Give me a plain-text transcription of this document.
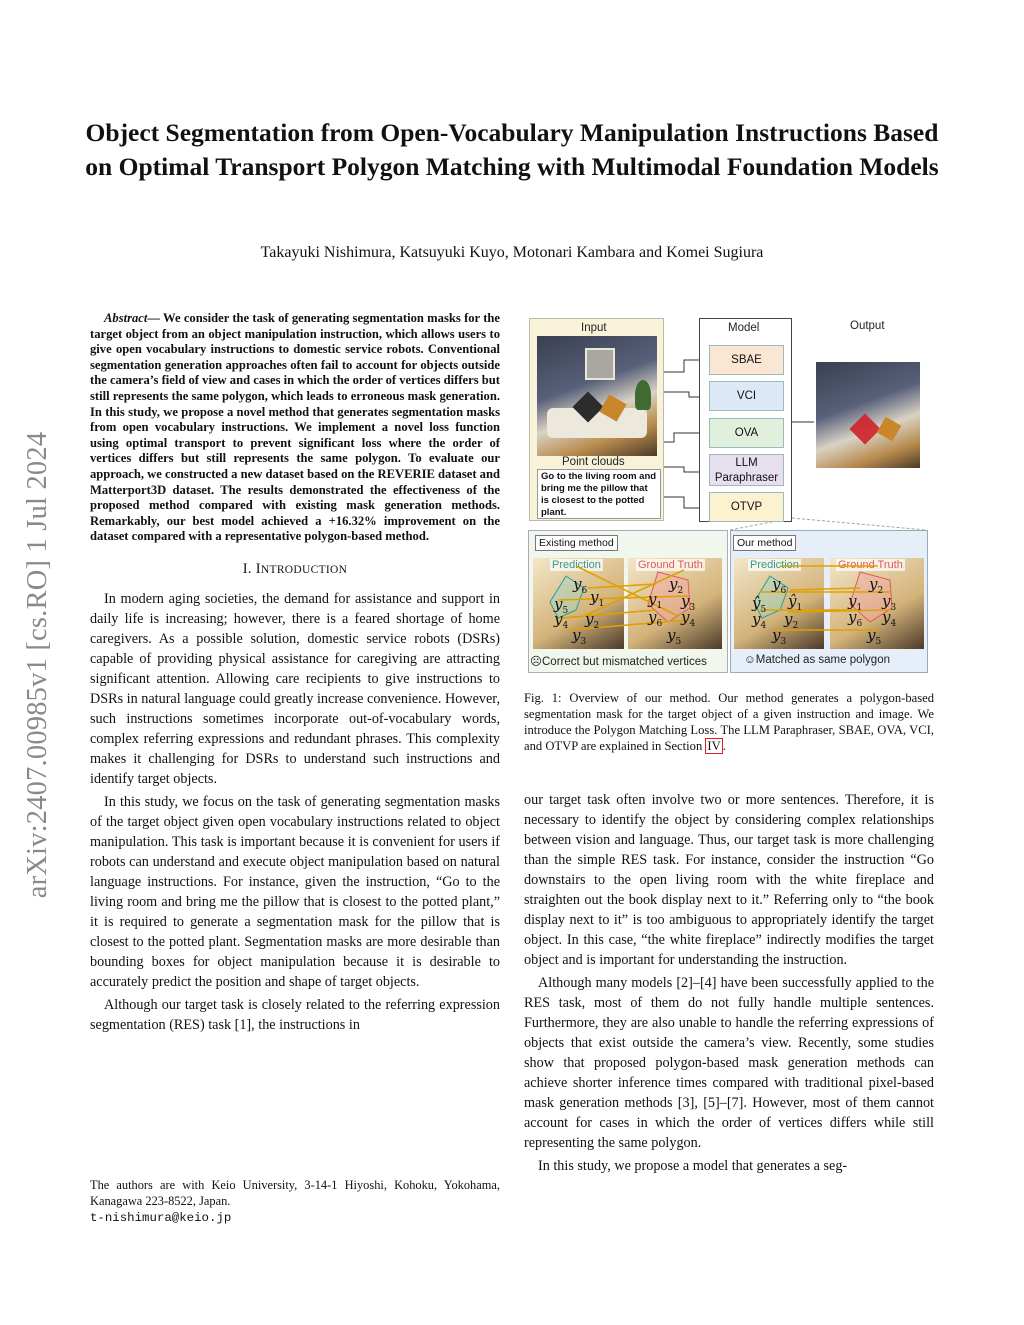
arXiv:2407.00985v1 [cs.RO] 1 Jul 2024
Object Segmentation from Open-Vocabulary Manipulation Instructions Based on Optimal Transport Polygon Matching with Multimodal Foundation Models
Takayuki Nishimura, Katsuyuki Kuyo, Motonari Kambara and Komei Sugiura

Abstract— We consider the task of generating segmentation masks for the target object from an object manipulation instruction, which allows users to give open vocabulary instructions to domestic service robots. Conventional segmentation generation approaches often fail to account for objects outside the camera’s field of view and cases in which the order of vertices differs but still represents the same polygon, which leads to erroneous mask generation. In this study, we propose a novel method that generates segmentation masks from open vocabulary instructions. We implement a novel loss function using optimal transport to prevent significant loss where the order of vertices differs but still represents the same polygon. To evaluate our approach, we constructed a new dataset based on the REVERIE dataset and Matterport3D dataset. The results demonstrated the effectiveness of the proposed method compared with existing mask generation methods. Remarkably, our best model achieved a +16.32% improvement on the dataset compared with a representative polygon-based method.

I. INTRODUCTION

In modern aging societies, the demand for assistance and support in daily life is increasing; however, there is a feared shortage of home caregivers. As a possible solution, domestic service robots (DSRs) capable of providing physical assistance for caregiving are attracting significant attention. Allowing care recipients to give instructions to DSRs in natural language could greatly increase convenience. However, such instructions sometimes incorporate out-of-vocabulary words, complex referring expressions and redundant phrases. This complexity makes it challenging for DSRs to understand such instructions and identify target objects.

In this study, we focus on the task of generating segmentation masks of the target object given open vocabulary instructions related to object manipulation. This task is important because it is convenient for users if robots can understand and execute object manipulation based on natural language instructions. For instance, given the instruction, “Go to the living room and bring me the pillow that is closest to the potted plant,” it is required to generate a segmentation mask for the pillow that is closest to the potted plant. Segmentation masks are more desirable than bounding boxes for object manipulation because it is desirable to accurately predict the position and shape of target objects.

Although our target task is closely related to the referring expression segmentation (RES) task [1], the instructions in

The authors are with Keio University, 3-14-1 Hiyoshi, Kohoku, Yokohama, Kanagawa 223-8522, Japan.
t-nishimura@keio.jp
Input
Point clouds
Go to the living room and bring me the pillow that is closest to the potted plant.
Model
SBAE
VCI
OVA
LLM Paraphraser
OTVP
Output
Existing method
Prediction	Ground Truth
$y_6$ $y_1$
$y_5$
$y_4$ $y_2$
$y_3$
$y_2$
$y_1$ $y_3$
$y_6$ $y_4$
$y_5$
☹Correct but mismatched vertices
Our method
Prediction	Ground Truth
$y_6$
$ŷ_5$ $ŷ_1$
$y_4$ $y_2$
$y_3$
$y_2$
$y_1$ $y_3$
$y_6$ $y_4$
$y_5$
☺Matched as same polygon
Fig. 1: Overview of our method. Our method generates a polygon-based segmentation mask for the target object of a given instruction and image. We introduce the Polygon Matching Loss. The LLM Paraphraser, SBAE, OVA, VCI, and OTVP are explained in Section IV .

our target task often involve two or more sentences. Therefore, it is necessary to identify the object by considering complex relationships between vision and language. Thus, our target task is more challenging than the simple RES task. For instance, consider the instruction “Go downstairs to the open living room with the white fireplace and straighten out the book display next to it.” Referring only to “the book display next to it” is too ambiguous to appropriately identify the target object. In this case, “the white fireplace” indirectly modifies the target object and is important for understanding the instruction.

Although many models [2]–[4] have been successfully applied to the RES task, most of them do not fully handle multiple sentences. Furthermore, they are also unable to handle the referring expressions of objects that exist outside the camera’s view. Recently, some studies show that proposed polygon-based mask generation methods can achieve shorter inference times compared with traditional pixel-based mask generation methods [3], [5]–[7]. However, most of them cannot account for cases in which the order of vertices differs while still representing the same polygon.

In this study, we propose a model that generates a seg-
